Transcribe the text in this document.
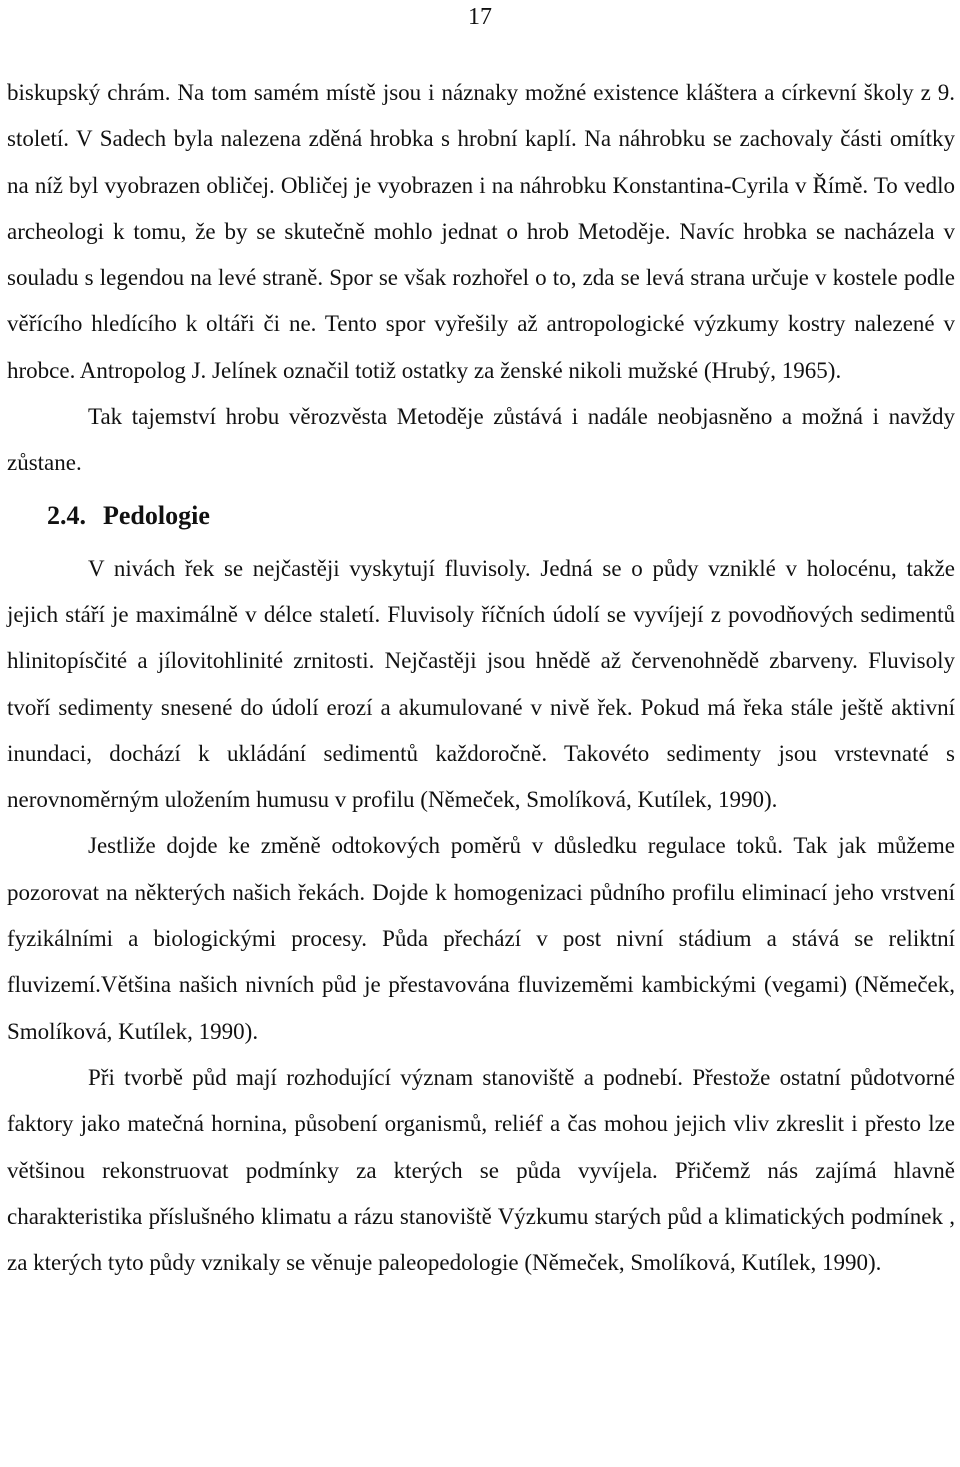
17

biskupský chrám. Na tom samém místě jsou i náznaky možné existence kláštera a církevní školy z 9. století. V Sadech byla nalezena zděná hrobka s hrobní kaplí. Na náhrobku se zachovaly části omítky na níž byl vyobrazen obličej. Obličej je vyobrazen i na náhrobku Konstantina-Cyrila v Římě. To vedlo archeologi k tomu, že by se skutečně mohlo jednat o hrob Metoděje. Navíc hrobka se nacházela v souladu s legendou na levé straně. Spor se však rozhořel o to, zda se levá strana určuje v kostele podle věřícího hledícího k oltáři či ne. Tento spor vyřešily až antropologické výzkumy kostry nalezené v hrobce. Antropolog J. Jelínek označil totiž ostatky za ženské nikoli mužské (Hrubý, 1965).

Tak tajemství hrobu věrozvěsta Metoděje zůstává i nadále neobjasněno a možná i navždy zůstane.

2.4. Pedologie

V nivách řek se nejčastěji vyskytují fluvisoly. Jedná se o půdy vzniklé v holocénu, takže jejich stáří je maximálně v délce staletí. Fluvisoly říčních údolí se vyvíjejí z povodňových sedimentů hlinitopísčité a jílovitohlinité zrnitosti. Nejčastěji jsou hnědě až červenohnědě zbarveny. Fluvisoly tvoří sedimenty snesené do údolí erozí a akumulované v nivě řek. Pokud má řeka stále ještě aktivní inundaci, dochází k ukládání sedimentů každoročně. Takovéto sedimenty jsou vrstevnaté s nerovnoměrným uložením humusu v profilu (Němeček, Smolíková, Kutílek, 1990).

Jestliže dojde ke změně odtokových poměrů v důsledku regulace toků. Tak jak můžeme pozorovat na některých našich řekách. Dojde k homogenizaci půdního profilu eliminací jeho vrstvení fyzikálními a biologickými procesy. Půda přechází v post nivní stádium a stává se reliktní fluvizemí.Většina našich nivních půd je přestavována fluvizeměmi kambickými (vegami) (Němeček, Smolíková, Kutílek, 1990).

Při tvorbě půd mají rozhodující význam stanoviště a podnebí. Přestože ostatní půdotvorné faktory jako matečná hornina, působení organismů, reliéf a čas mohou jejich vliv zkreslit i přesto lze většinou rekonstruovat podmínky za kterých se půda vyvíjela. Přičemž nás zajímá hlavně charakteristika příslušného klimatu a rázu stanoviště Výzkumu starých půd a klimatických podmínek , za kterých tyto půdy vznikaly se věnuje paleopedologie (Němeček, Smolíková, Kutílek, 1990).
